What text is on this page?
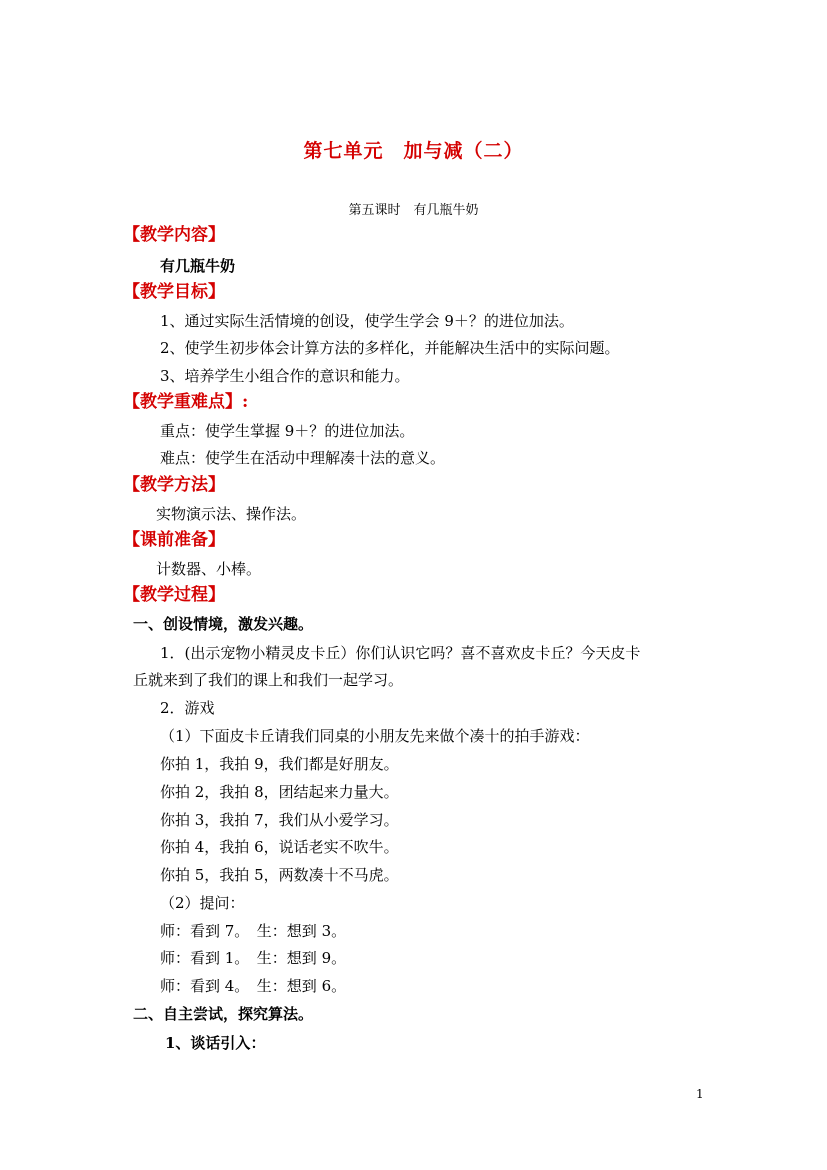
第七单元　加与减（二）
第五课时　有几瓶牛奶
【教学内容】
有几瓶牛奶
【教学目标】
1、通过实际生活情境的创设，使学生学会 9＋？的进位加法。
2、使学生初步体会计算方法的多样化，并能解决生活中的实际问题。
3、培养学生小组合作的意识和能力。
【教学重难点】:
重点：使学生掌握 9＋？的进位加法。
难点：使学生在活动中理解凑十法的意义。
【教学方法】
实物演示法、操作法。
【课前准备】
计数器、小棒。
【教学过程】
一、创设情境，激发兴趣。
1．(出示宠物小精灵皮卡丘）你们认识它吗？喜不喜欢皮卡丘？今天皮卡
丘就来到了我们的课上和我们一起学习。
2．游戏
（1）下面皮卡丘请我们同桌的小朋友先来做个凑十的拍手游戏：
你拍 1，我拍 9，我们都是好朋友。
你拍 2，我拍 8，团结起来力量大。
你拍 3，我拍 7，我们从小爱学习。
你拍 4，我拍 6，说话老实不吹牛。
你拍 5，我拍 5，两数凑十不马虎。
（2）提问：
师：看到 7。　生：想到 3。
师：看到 1。　生：想到 9。
师：看到 4。　生：想到 6。
二、自主尝试，探究算法。
1、谈话引入：
1
